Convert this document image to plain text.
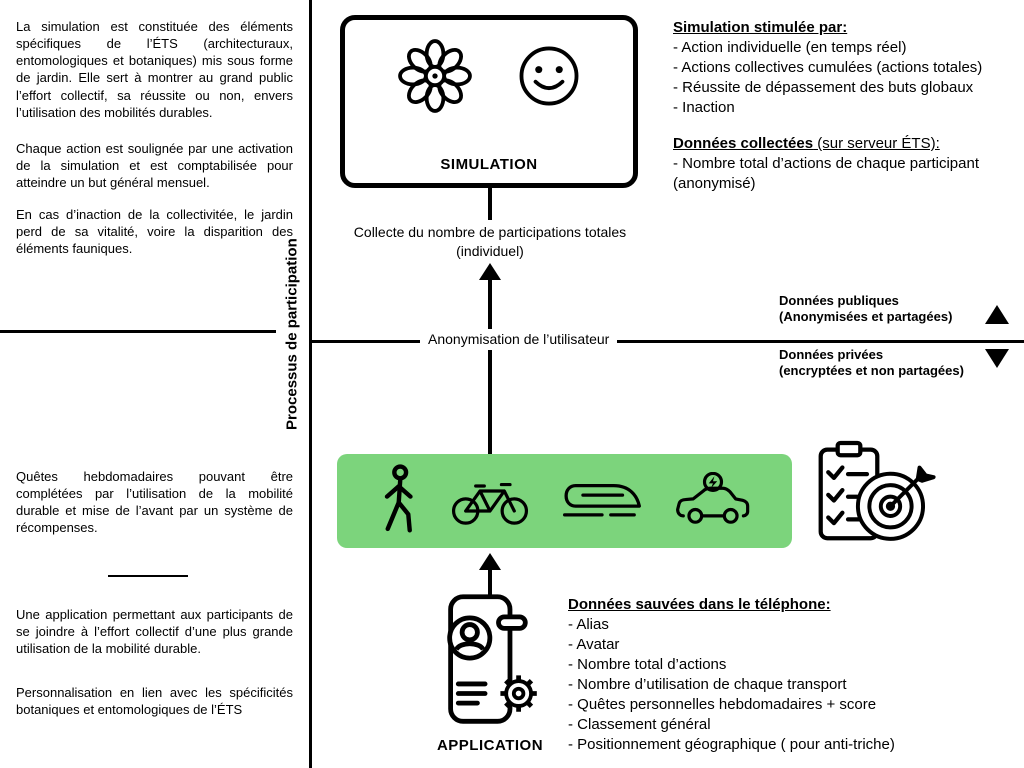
La simulation est constituée des éléments spécifiques de l’ÉTS (architecturaux, entomologiques et botaniques) mis sous forme de jardin. Elle sert à montrer au grand public l’effort collectif, sa réussite ou non, envers l’utilisation des mobilités durables.
Chaque action est soulignée par une activation de la simulation et est comptabilisée pour atteindre un but général mensuel.
En cas d’inaction de la collectivitée, le jardin perd de sa vitalité, voire la disparition des éléments fauniques.	Processus de participation
Quêtes hebdomadaires pouvant être complétées par l’utilisation de la mobilité durable et mise de l’avant par un système de récompenses.
Une application permettant aux participants de se joindre à l’effort collectif d’une plus grande utilisation de la mobilité durable.
Personnalisation en lien avec les spécificités botaniques et entomologiques de l’ÉTS
SIMULATION
Collecte du nombre de participations totales (individuel)
Anonymisation de l’utilisateur
Données publiques
(Anonymisées et partagées)
Données privées
(encryptées et non partagées)
APPLICATION
Simulation stimulée par:
- Action individuelle (en temps réel)
- Actions collectives cumulées (actions totales)
- Réussite de dépassement des buts globaux
- Inaction
Données collectées (sur serveur ÉTS):
- Nombre total d’actions de chaque participant (anonymisé)
Données sauvées dans le téléphone:
- Alias
- Avatar
- Nombre total d’actions
- Nombre d’utilisation de chaque transport
- Quêtes personnelles hebdomadaires + score
- Classement général
- Positionnement géographique ( pour anti-triche)
